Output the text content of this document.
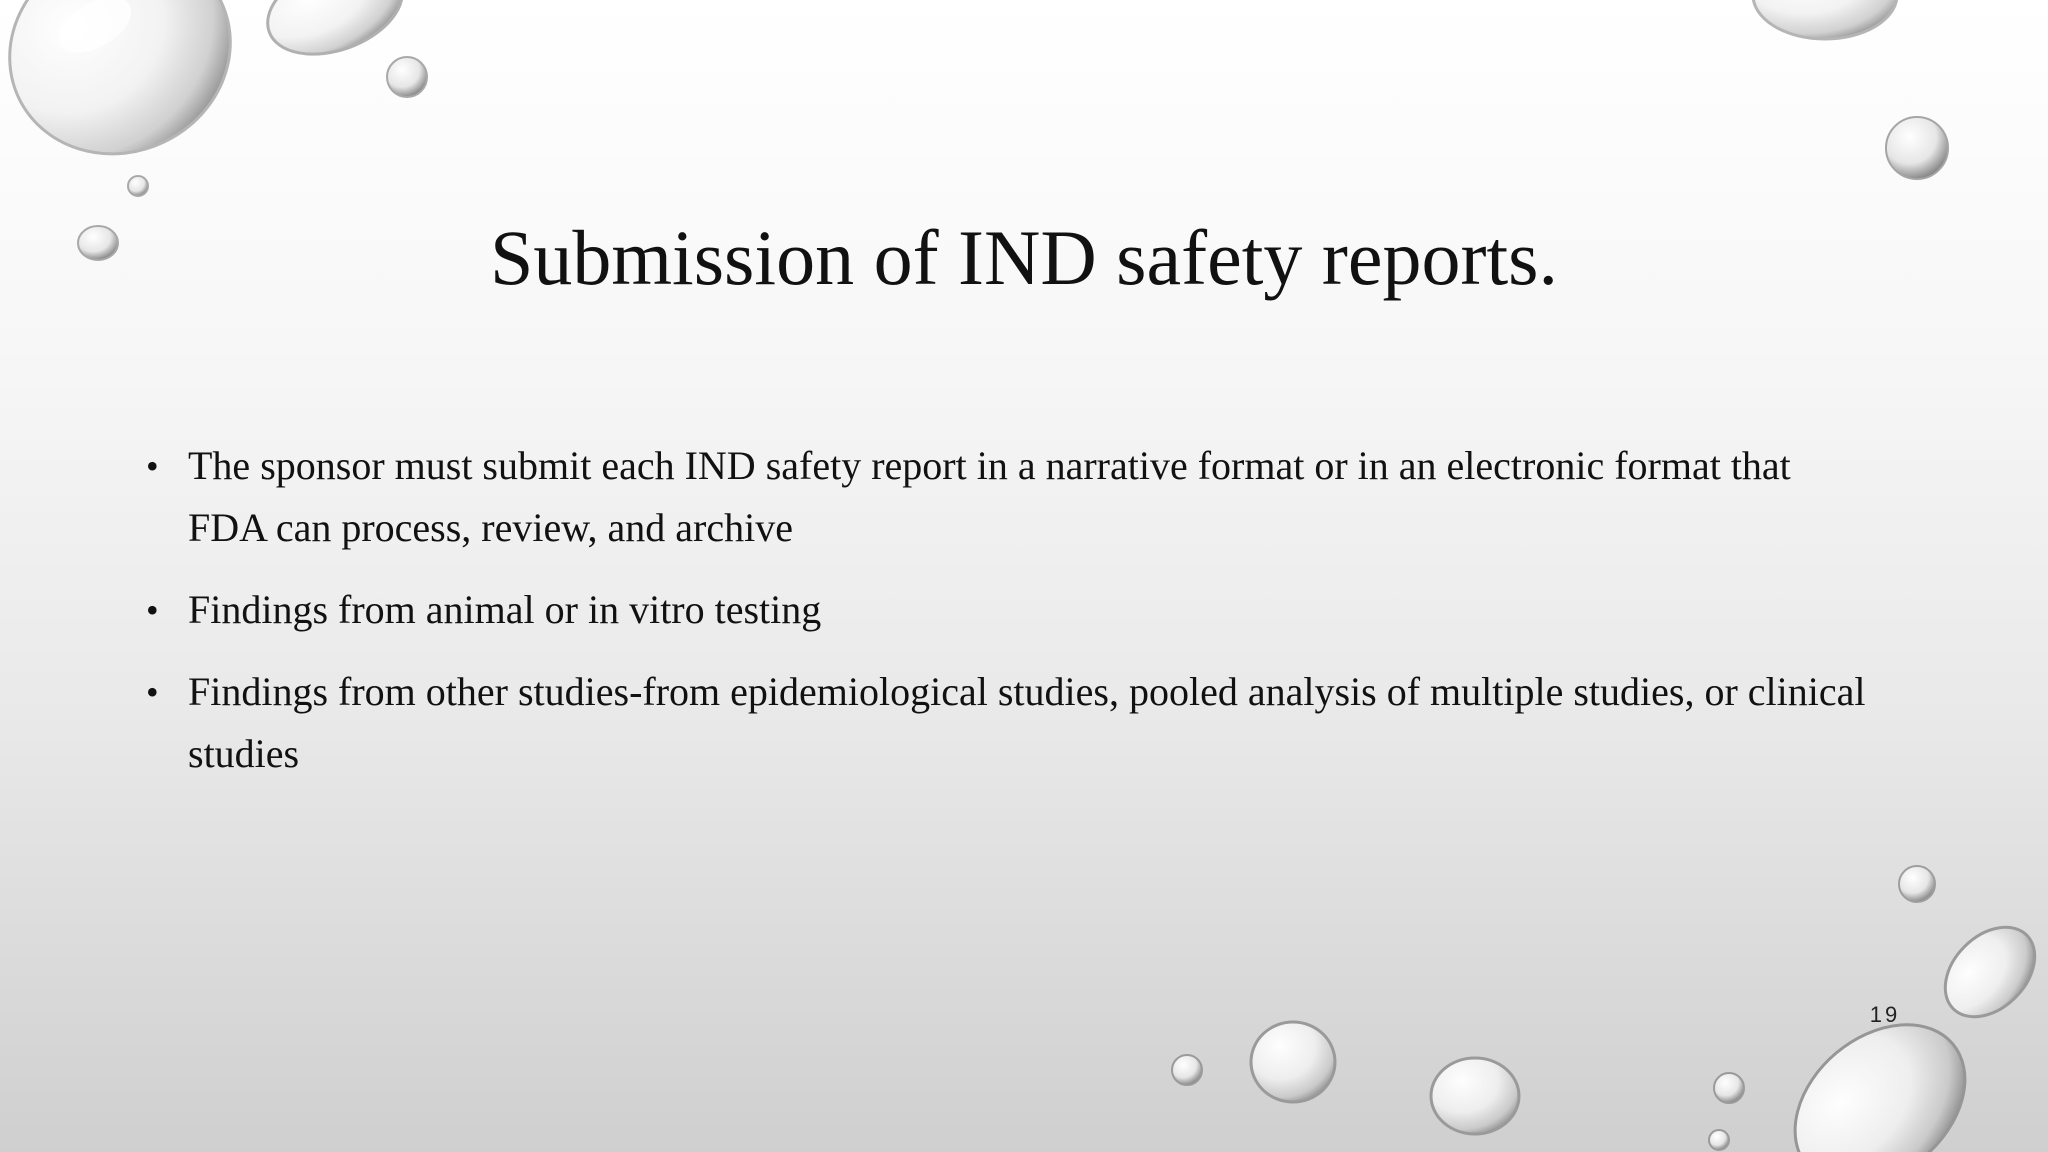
Submission of IND safety reports.
• The sponsor must submit each IND safety report in a narrative format or in an electronic format that FDA can process, review, and archive
• Findings from animal or in vitro testing
• Findings from other studies-from epidemiological studies, pooled analysis of multiple studies, or clinical studies
19
